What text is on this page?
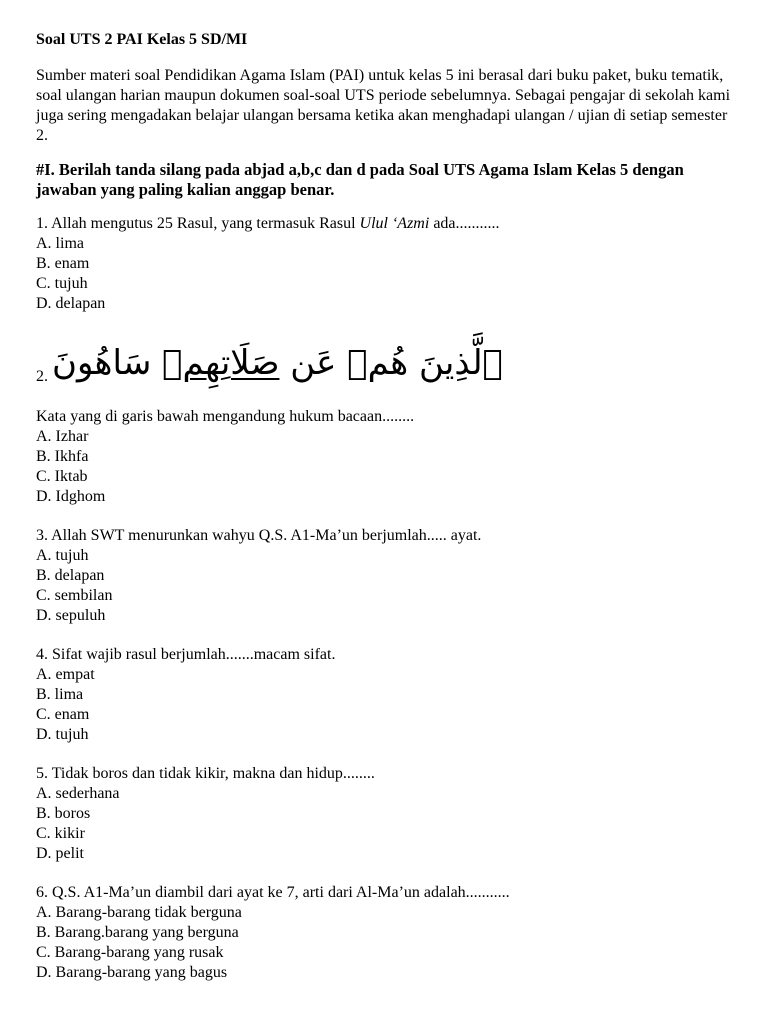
Soal UTS 2 PAI Kelas 5 SD/MI
Sumber materi soal Pendidikan Agama Islam (PAI) untuk kelas 5 ini berasal dari buku paket, buku tematik, soal ulangan harian maupun dokumen soal-soal UTS periode sebelumnya. Sebagai pengajar di sekolah kami juga sering mengadakan belajar ulangan bersama ketika akan menghadapi ulangan / ujian di setiap semester 2.
#I. Berilah tanda silang pada abjad a,b,c dan d pada Soal UTS Agama Islam Kelas 5 dengan jawaban yang paling kalian anggap benar.
1. Allah mengutus 25 Rasul, yang termasuk Rasul Ulul ‘Azmi ada...........
A. lima
B. enam
C. tujuh
D. delapan
2.	ٱلَّذِينَ هُمۡ عَن صَلَاتِهِمۡ سَاهُونَ
Kata yang di garis bawah mengandung hukum bacaan........
A. Izhar
B. Ikhfa
C. Iktab
D. Idghom
3. Allah SWT menurunkan wahyu Q.S. A1-Ma’un berjumlah..... ayat.
A. tujuh
B. delapan
C. sembilan
D. sepuluh
4. Sifat wajib rasul berjumlah.......macam sifat.
A. empat
B. lima
C. enam
D. tujuh
5. Tidak boros dan tidak kikir, makna dan hidup........
A. sederhana
B. boros
C. kikir
D. pelit
6. Q.S. A1-Ma’un diambil dari ayat ke 7, arti dari Al-Ma’un adalah...........
A. Barang-barang tidak berguna
B. Barang.barang yang berguna
C. Barang-barang yang rusak
D. Barang-barang yang bagus
